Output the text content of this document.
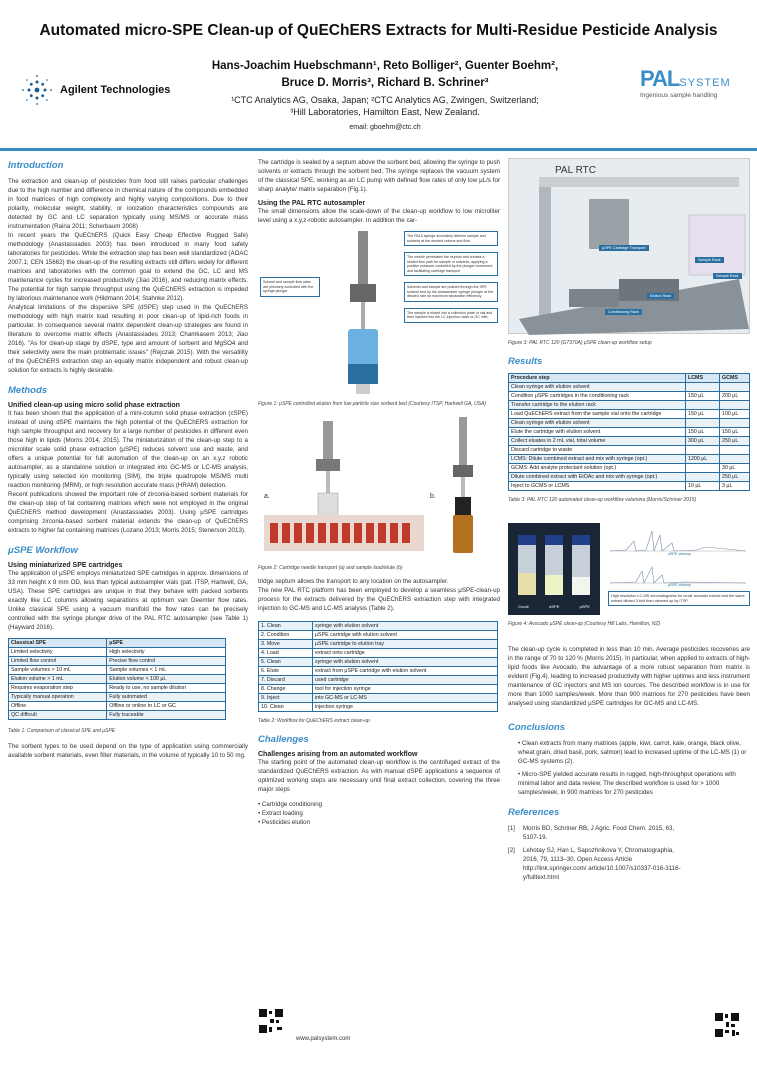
Automated micro-SPE Clean-up of QuEChERS Extracts for Multi-Residue Pesticide Analysis
Agilent Technologies
Hans-Joachim Huebschmann¹, Reto Bolliger², Guenter Boehm²,
Bruce D. Morris³, Richard B. Schriner³
¹CTC Analytics AG, Osaka, Japan; ²CTC Analytics AG, Zwingen, Switzerland;
³Hill Laboratories, Hamilton East, New Zealand.
email: gboehm@ctc.ch
PALSYSTEM
Ingenious sample handling
Introduction
The extraction and clean-up of pesticides from food still raises particular challenges due to the high number and difference in chemical nature of the compounds embedded in food matrices of high complexity and highly varying compositions. Due to their polarity, molecular weight, stability, or ionization characteristics compounds are detected by GC and LC separation typically using MS/MS or accurate mass instrumentation (Raina 2011; Scherbaum 2008)
In recent years the QuEChERS (Quick Easy Cheap Effective Rugged Safe) methodology (Anastassiades 2003) has been introduced in many food safety laboratories for pesticides. While the extraction step has been well standardized (AOAC 2007.1; CEN 15662) the clean-up of the resulting extracts still differs widely for different matrices and laboratories with the common goal to extend the GC, LC and MS maintenance cycles for increased productivity (Jiao 2016), and reducing matrix effects. The potential for high sample throughput using the QuEChERS extraction is impeded by laborious maintenance work (Hildmann 2014; Stahnke 2012).
Analytical limitations of the dispersive SPE (dSPE) step used in the QuEChERS methodology with high matrix load resulting in poor clean-up of lipid-rich foods in particular. In consequence several matrix dependent clean-up strategies are found in literature to overcome matrix effects (Anastassiades 2013; Chamkasem 2013; Jiao 2016). "As for clean-up stage by dSPE, type and amount of sorbent and MgSO4 and their selectivity were the main problematic issues" (Rejczak 2015). With the versatility of the QuEChERS extraction step an equally matrix independent and robust clean-up solution for extracts is highly desirable.
Methods
Unified clean-up using micro solid phase extraction
It has been shown that the application of a mini-column solid phase extraction (cSPE) instead of using dSPE maintains the high potential of the QuEChERS extraction for high sample throughput and recovery for a large number of pesticides in different even those high in lipids (Morris 2014, 2015). The miniaturization of the clean-up step to a microliter scale solid phase extraction (μSPE) reduces solvent use and waste, and offers a unique potential for full automation of the clean-up on an x,y,z robotic autosampler, as a standalone solution or integrated into GC-MS or LC-MS analysis, typically using selected ion monitoring (SIM), the triple quadrupole MS/MS multi reaction monitoring (MRM), or high resolution accurate mass (HRAM) detection.
Recent publications showed the important role of zirconia-based sorbent materials for the clean-up step of fat containing matrices which were not employed in the original QuEChERS method development (Anastassiades 2003). Using μSPE cartridges comprising zirconia-based sorbent material extends the clean-up of QuEChERS extracts to higher fat containing matrices (Lozano 2013; Morris 2015; Stenerson 2013).
μSPE Workflow
Using miniaturized SPE cartridges
The application of μSPE employs miniaturized SPE cartridges in approx. dimensions of 33 mm height x 8 mm OD, less than typical autosampler vials (pat. ITSP, Hartwell, GA, USA). These SPE cartridges are unique in that they behave with packed sorbents exactly like LC columns allowing separations at optimum van Deemter flow rates. Unlike classical SPE using a vacuum manifold the flow rates can be precisely controlled with the syringe plunger drive of the PAL RTC autosampler (see Table 1) (Hayward 2016).
Classical SPE	μSPE
Limited selectivity	High selectivity
Limited flow control	Precise flow control
Sample volumes > 10 mL	Sample volumes < 1 mL
Elution volume > 1 mL	Elution volume < 100 μL
Requires evaporation step	Ready to use, no sample dilution
Typically manual operation	Fully automated
Offline	Offline or online to LC or GC
QC difficult	Fully traceable
Table 1: Comparison of classical SPE and μSPE
The sorbent types to be used depend on the type of application using commercially available sorbent materials, even filter materials, in the volume of typically 10 to 50 mg.
The cartridge is sealed by a septum above the sorbent bed, allowing the syringe to push solvents or extracts through the sorbent bed. The syringe replaces the vacuum system of the classical SPE, working as an LC pump with defined flow rates of only low μL/s for sharp analyte/ matrix separation (Fig.1).
Using the PAL RTC autosampler
The small dimensions allow the scale-down of the clean-up workflow to low microliter level using a x,y,z-robotic autosampler. In addition the car-
Solvent and sample flow rates are precisely controlled with the syringe plunger
The PAL3 syringe accurately delivers sample and solvents at the desired volume and flow
The needle penetrates the septum and creates a sealed flow path for sample or solvents, applying a positive pressure controlled by the plunger movement, and facilitating cartridge transport
Solvents and sample are pushed through the SPE sorbent bed by the autosampler syringe plunger at the desired rate for maximum separation efficiency
The sample is eluted into a collection plate or vial and then injected into the LC injection valve or GC inlet
Figure 1: μSPE controlled elution from low particle size sorbent bed (Courtesy ITSP, Hartwell GA, USA)
a.	b.
Figure 2: Cartridge needle transport (a) and sample load/elute (b)
tridge septum allows the transport to any location on the autosampler.
The new PAL RTC platform has been employed to develop a seamless μSPE-clean-up process for the extracts delivered by the QuEChERS extraction step with integrated injection to GC-MS and LC-MS analysis (Table 2).
1. Clean	syringe with elution solvent
2. Condition	μSPE cartridge with elution solvent
3. Move	μSPE cartridge to elution tray
4. Load	extract onto cartridge
5. Clean	syringe with elution solvent
6. Elute	extract from μSPE cartridge with elution solvent
7. Discard	used cartridge
8. Change	tool for injection syringe
9. Inject	into GC-MS or LC-MS
10. Clean	injection syringe
Table 2: Workflow for QuEChERS extract clean-up
Challenges
Challenges arising from an automated workflow
The starting point of the automated clean-up workflow is the centrifuged extract of the standardized QuEChERS extraction. As with manual dSPE applications a sequence of optimized working steps are necessary until final extract collection, covering the three major steps
• Cartridge conditioning
• Extract loading
• Pesticides elution
www.palsystem.com
PAL RTC
μSPE Cartridge Transport
Sample Rack
Sample Rack
Elution Rack
Conditioning Rack
Figure 3: PAL RTC 120 (G7370A) μSPE clean-up workflow setup
Results
Procedure step	LCMS	GCMS
Clean syringe with elution solvent		
Condition μSPE cartridges in the conditioning rack	150 μL	200 μL
Transfer cartridge to the elution rack		
Load QuEChERS extract from the sample vial onto the cartridge	150 μL	100 μL
Clean syringe with elution solvent		
Elute the cartridge with elution solvent	150 μL	150 μL
Collect eluates in 2 mL vial, total volume	300 μL	250 μL
Discard cartridge to waste		
LCMS: Dilute combined extract and mix with syringe (opt.)	1200 μL	
GCMS: Add analyte protectant solution (opt.)		30 μL
Dilute combined extract with EtOAc and mix with syringe (opt.)		250 μL
Inject to GCMS or LCMS	10 μL	3 μL
Table 3: PAL RTC 120 automated clean-up workflow volumina (Morris/Schriner 2015)
Crude	dSPE	μSPE
dSPE cleanup
μSPE cleanup
High resolution LC-MS chromatograms for crude avocado extract and the same extract diluted 3-fold then cleaned up by ITSP
Figure 4: Avocado μSPE clean-up (Courtesy Hill Labs, Hamilton, NZ)
The clean-up cycle is completed in less than 10 min. Average pesticides recoveries are in the range of 70 to 120 % (Morris 2015). In particular, when applied to extracts of high-lipid foods like Avocado, the advantage of a more robust separation from matrix is evident (Fig.4), leading to increased productivity with higher uptimes and less instrument maintenance of GC injectors and MS ion sources. The described workflow is in use for more than 1000 samples/week. More than 900 matrices for 270 pesticides have been analysed using standardized μSPE cartridges for GC-MS and LC-MS.
Conclusions
• Clean extracts from many matrices (apple, kiwi, carrot, kale, orange, black olive, wheat grain, dried basil, pork, salmon) lead to increased uptime of the LC-MS (1) or GC-MS systems (2).
• Micro-SPE yielded accurate results in rugged, high-throughput operations with minimal labor and data review. The described workflow is used for > 1000 samples/week, in 900 matrices for 270 pesticides
References
[1] Morris BD, Schriner RB, J Agric. Food Chem. 2015, 63, 5107-19.
[2] Lehotay SJ, Han L, Sapozhnikova Y, Chromatographia, 2016, 79, 1113–30. Open Access Article http://link.springer.com/ article/10.1007/s10337-016-3116-y/fulltext.html
